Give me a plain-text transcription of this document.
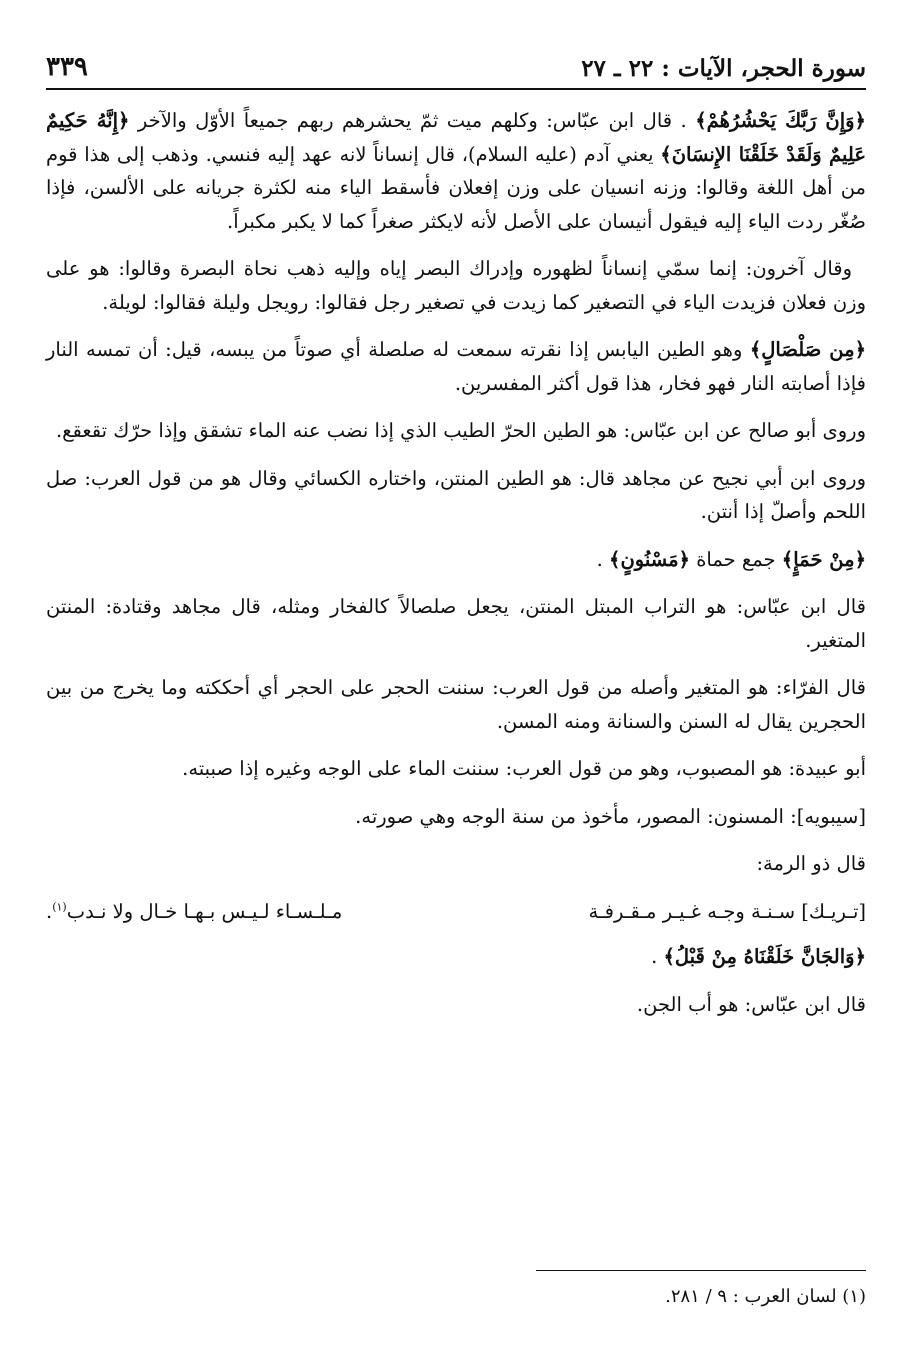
سورة الحجر، الآيات : ٢٢ ـ ٢٧
٣٣٩

﴿وَإِنَّ رَبَّكَ يَحْشُرُهُمْ﴾ . قال ابن عبّاس: وكلهم ميت ثمّ يحشرهم ربهم جميعاً الأوّل والآخر ﴿إِنَّهُ حَكِيمٌ عَلِيمٌ وَلَقَدْ خَلَقْنَا الإِنسَانَ﴾ يعني آدم (عليه السلام)، قال إنساناً لانه عهد إليه فنسي. وذهب إلى هذا قوم من أهل اللغة وقالوا: وزنه انسيان على وزن إفعلان فأسقط الياء منه لكثرة جريانه على الألسن، فإذا صُغّر ردت الياء إليه فيقول أنيسان على الأصل لأنه لايكثر صغراً كما لا يكبر مكبراً.

وقال آخرون: إنما سمّي إنساناً لظهوره وإدراك البصر إياه وإليه ذهب نحاة البصرة وقالوا: هو على وزن فعلان فزيدت الياء في التصغير كما زيدت في تصغير رجل فقالوا: رويجل وليلة فقالوا: لويلة.

﴿مِن صَلْصَالٍ﴾ وهو الطين اليابس إذا نقرته سمعت له صلصلة أي صوتاً من يبسه، قيل: أن تمسه النار فإذا أصابته النار فهو فخار، هذا قول أكثر المفسرين.

وروى أبو صالح عن ابن عبّاس: هو الطين الحرّ الطيب الذي إذا نضب عنه الماء تشقق وإذا حرّك تقعقع.

وروى ابن أبي نجيح عن مجاهد قال: هو الطين المنتن، واختاره الكسائي وقال هو من قول العرب: صل اللحم وأصلّ إذا أنتن.

﴿مِنْ حَمَإٍ﴾ جمع حماة ﴿مَسْنُونٍ﴾ .

قال ابن عبّاس: هو التراب المبتل المنتن، يجعل صلصالاً كالفخار ومثله، قال مجاهد وقتادة: المنتن المتغير.

قال الفرّاء: هو المتغير وأصله من قول العرب: سننت الحجر على الحجر أي أحككته وما يخرج من بين الحجرين يقال له السنن والسنانة ومنه المسن.

أبو عبيدة: هو المصبوب، وهو من قول العرب: سننت الماء على الوجه وغيره إذا صببته.

[سيبويه]: المسنون: المصور، مأخوذ من سنة الوجه وهي صورته.

قال ذو الرمة:

[تـريـك] سـنـة وجـه غـيـر مـقـرفـة
مـلـسـاء لـيـس بـهـا خـال ولا نـدب$^{(١)}$.

﴿وَالجَانَّ خَلَقْنَاهُ مِنْ قَبْلُ﴾ .

قال ابن عبّاس: هو أب الجن.

(١) لسان العرب : ٩ / ٢٨١.
